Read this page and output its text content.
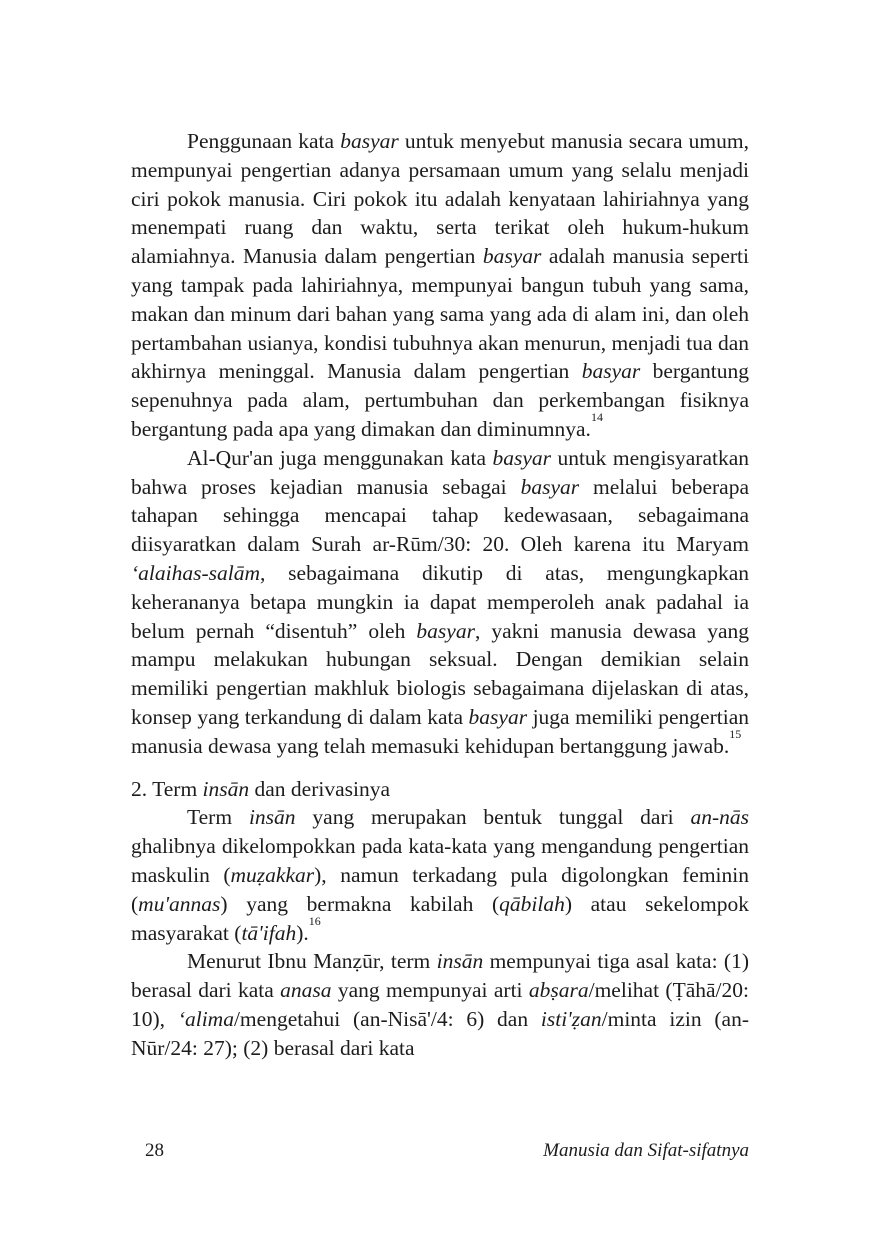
Penggunaan kata basyar untuk menyebut manusia secara umum, mempunyai pengertian adanya persamaan umum yang selalu menjadi ciri pokok manusia. Ciri pokok itu adalah kenyataan lahiriahnya yang menempati ruang dan waktu, serta terikat oleh hukum-hukum alamiahnya. Manusia dalam pengertian basyar adalah manusia seperti yang tampak pada lahiriahnya, mempunyai bangun tubuh yang sama, makan dan minum dari bahan yang sama yang ada di alam ini, dan oleh pertambahan usianya, kondisi tubuhnya akan menurun, menjadi tua dan akhirnya meninggal. Manusia dalam pengertian basyar bergantung sepenuhnya pada alam, pertumbuhan dan perkembangan fisiknya bergantung pada apa yang dimakan dan diminumnya.$^{14}$

Al-Qur'an juga menggunakan kata basyar untuk mengisyaratkan bahwa proses kejadian manusia sebagai basyar melalui beberapa tahapan sehingga mencapai tahap kedewasaan, sebagaimana diisyaratkan dalam Surah ar-Rūm/30: 20. Oleh karena itu Maryam ‘alaihas-salām, sebagaimana dikutip di atas, mengungkapkan keherananya betapa mungkin ia dapat memperoleh anak padahal ia belum pernah “disentuh” oleh basyar, yakni manusia dewasa yang mampu melakukan hubungan seksual. Dengan demikian selain memiliki pengertian makhluk biologis sebagaimana dijelaskan di atas, konsep yang terkandung di dalam kata basyar juga memiliki pengertian manusia dewasa yang telah memasuki kehidupan bertanggung jawab.$^{15}$

2. Term insān dan derivasinya

Term insān yang merupakan bentuk tunggal dari an-nās ghalibnya dikelompokkan pada kata-kata yang mengandung pengertian maskulin (muẓakkar), namun terkadang pula digolongkan feminin (mu'annas) yang bermakna kabilah (qābilah) atau sekelompok masyarakat (tā'ifah).$^{16}$

Menurut Ibnu Manẓūr, term insān mempunyai tiga asal kata: (1) berasal dari kata anasa yang mempunyai arti abṣara/melihat (Ṭāhā/20: 10), ‘alima/mengetahui (an-Nisā'/4: 6) dan isti'ẓan/minta izin (an-Nūr/24: 27); (2) berasal dari kata

28	Manusia dan Sifat-sifatnya
